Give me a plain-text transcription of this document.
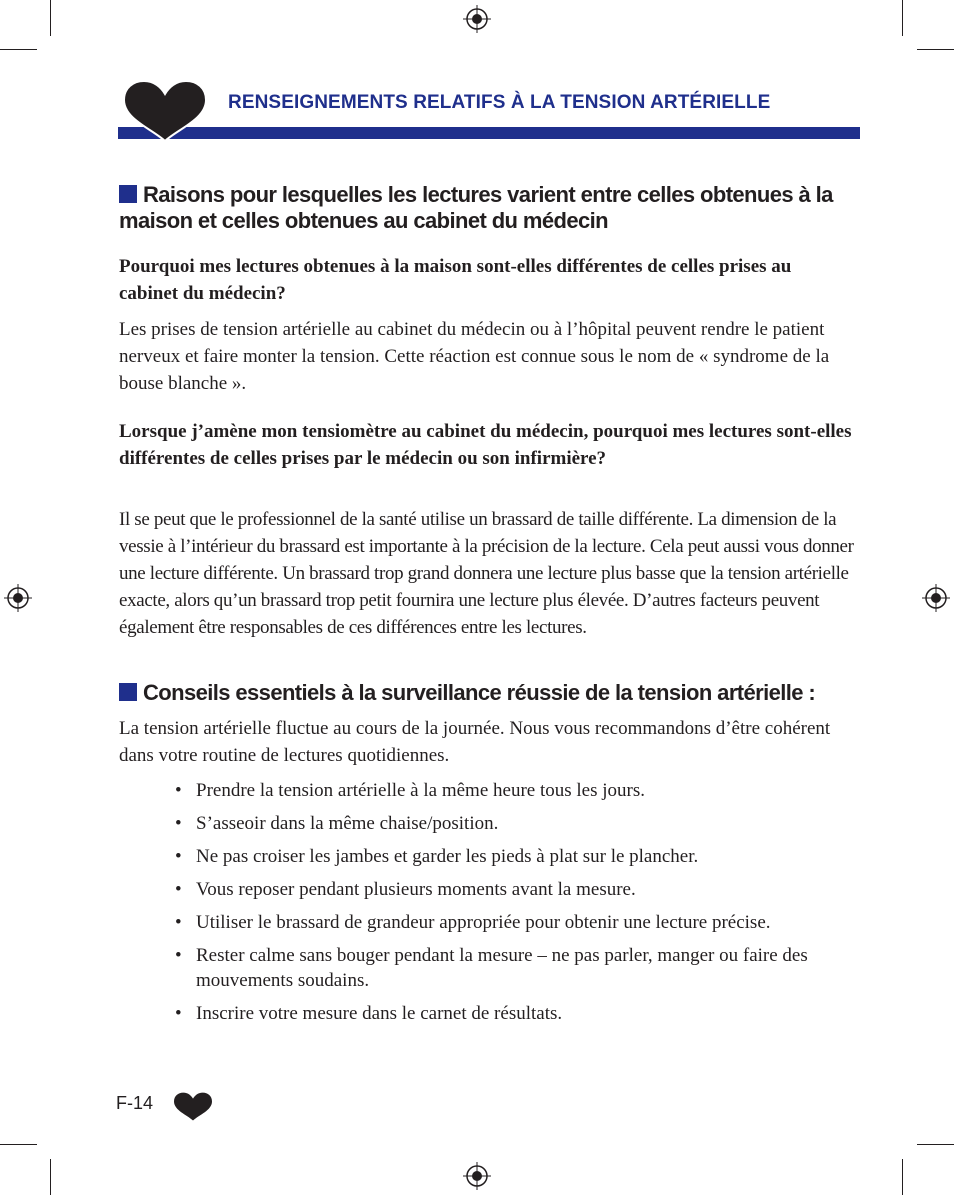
RENSEIGNEMENTS RELATIFS À LA TENSION ARTÉRIELLE
Raisons pour lesquelles les lectures varient entre celles obtenues à la maison et celles obtenues au cabinet du médecin
Pourquoi mes lectures obtenues à la maison sont-elles différentes de celles prises au cabinet du médecin?
Les prises de tension artérielle au cabinet du médecin ou à l’hôpital peuvent rendre le patient nerveux et faire monter la tension. Cette réaction est connue sous le nom de « syndrome de la bouse blanche ».
Lorsque j’amène mon tensiomètre au cabinet du médecin, pourquoi mes lectures sont-elles différentes de celles prises par le médecin ou son infirmière?
Il se peut que le professionnel de la santé utilise un brassard de taille différente. La dimension de la vessie à l’intérieur du brassard est importante à la précision de la lecture. Cela peut aussi vous donner une lecture différente. Un brassard trop grand donnera une lecture plus basse que la tension artérielle exacte, alors qu’un brassard trop petit fournira une lecture plus élevée. D’autres facteurs peuvent également être responsables de ces différences entre les lectures.
Conseils essentiels à la surveillance réussie de la tension artérielle :
La tension artérielle fluctue au cours de la journée. Nous vous recommandons d’être cohérent dans votre routine de lectures quotidiennes.
• Prendre la tension artérielle à la même heure tous les jours.
• S’asseoir dans la même chaise/position.
• Ne pas croiser les jambes et garder les pieds à plat sur le plancher.
• Vous reposer pendant plusieurs moments avant la mesure.
• Utiliser le brassard de grandeur appropriée pour obtenir une lecture précise.
• Rester calme sans bouger pendant la mesure – ne pas parler, manger ou faire des mouvements soudains.
• Inscrire votre mesure dans le carnet de résultats.
F-14
